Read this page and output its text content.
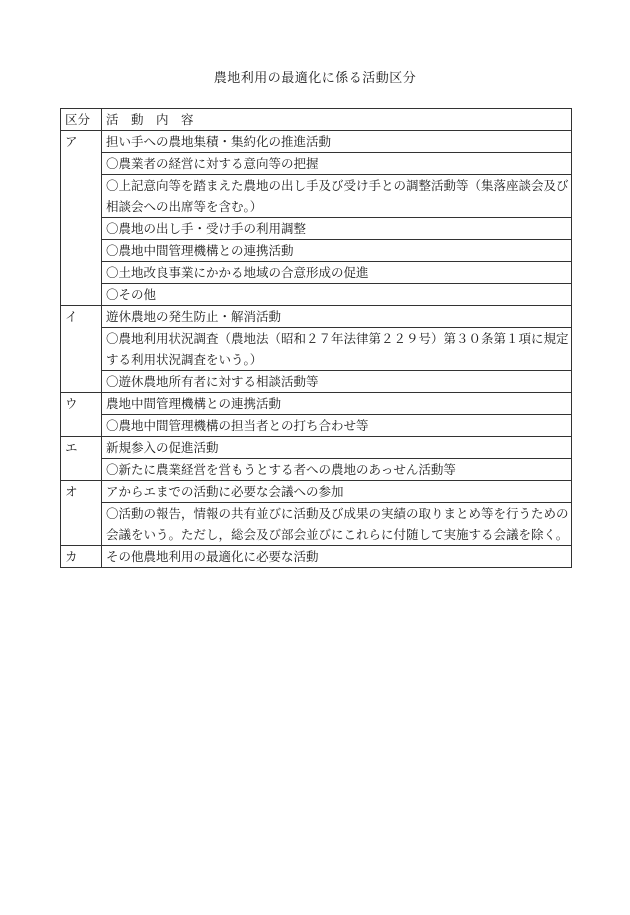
農地利用の最適化に係る活動区分
区分	活　動　内　容
ア	担い手への農地集積・集約化の推進活動
	〇農業者の経営に対する意向等の把握
	〇上記意向等を踏まえた農地の出し手及び受け手との調整活動等（集落座談会及び相談会への出席等を含む。）
	〇農地の出し手・受け手の利用調整
	〇農地中間管理機構との連携活動
	〇土地改良事業にかかる地域の合意形成の促進
	〇その他
イ	遊休農地の発生防止・解消活動
	〇農地利用状況調査（農地法（昭和２７年法律第２２９号）第３０条第１項に規定する利用状況調査をいう。）
	〇遊休農地所有者に対する相談活動等
ウ	農地中間管理機構との連携活動
	〇農地中間管理機構の担当者との打ち合わせ等
エ	新規参入の促進活動
	〇新たに農業経営を営もうとする者への農地のあっせん活動等
オ	アからエまでの活動に必要な会議への参加
	〇活動の報告，情報の共有並びに活動及び成果の実績の取りまとめ等を行うための会議をいう。ただし，総会及び部会並びにこれらに付随して実施する会議を除く。
カ	その他農地利用の最適化に必要な活動
